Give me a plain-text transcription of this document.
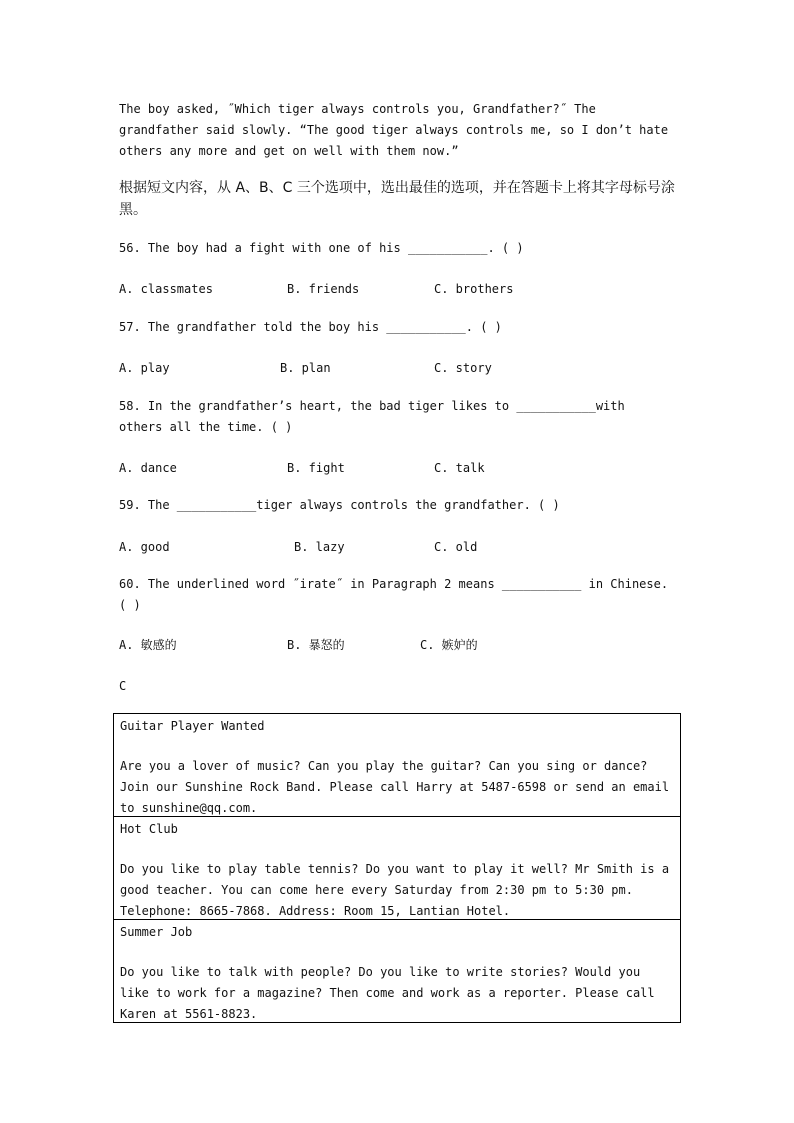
The boy asked, ˝Which tiger always controls you, Grandfather?˝ The grandfather said slowly. “The good tiger always controls me, so I don’t hate others any more and get on well with them now.”
根据短文内容，从 A、B、C 三个选项中，选出最佳的选项，并在答题卡上将其字母标号涂黑。
56. The boy had a fight with one of his ___________. ( )
A. classmates	B. friends	C. brothers
57. The grandfather told the boy his ___________. ( )
A. play	B. plan	C. story
58. In the grandfather’s heart, the bad tiger likes to ___________with others all the time. ( )
A. dance	B. fight	C. talk
59. The ___________tiger always controls the grandfather. ( )
A. good	B. lazy	C. old
60. The underlined word ˝irate˝ in Paragraph 2 means ___________ in Chinese. ( )
A. 敏感的	B. 暴怒的	C. 嫉妒的
C
Guitar Player Wanted
Are you a lover of music? Can you play the guitar? Can you sing or dance? Join our Sunshine Rock Band. Please call Harry at 5487-6598 or send an email to sunshine@qq.com.
Hot Club
Do you like to play table tennis? Do you want to play it well? Mr Smith is a good teacher. You can come here every Saturday from 2:30 pm to 5:30 pm. Telephone: 8665-7868. Address: Room 15, Lantian Hotel.
Summer Job
Do you like to talk with people? Do you like to write stories? Would you like to work for a magazine? Then come and work as a reporter. Please call Karen at 5561-8823.
